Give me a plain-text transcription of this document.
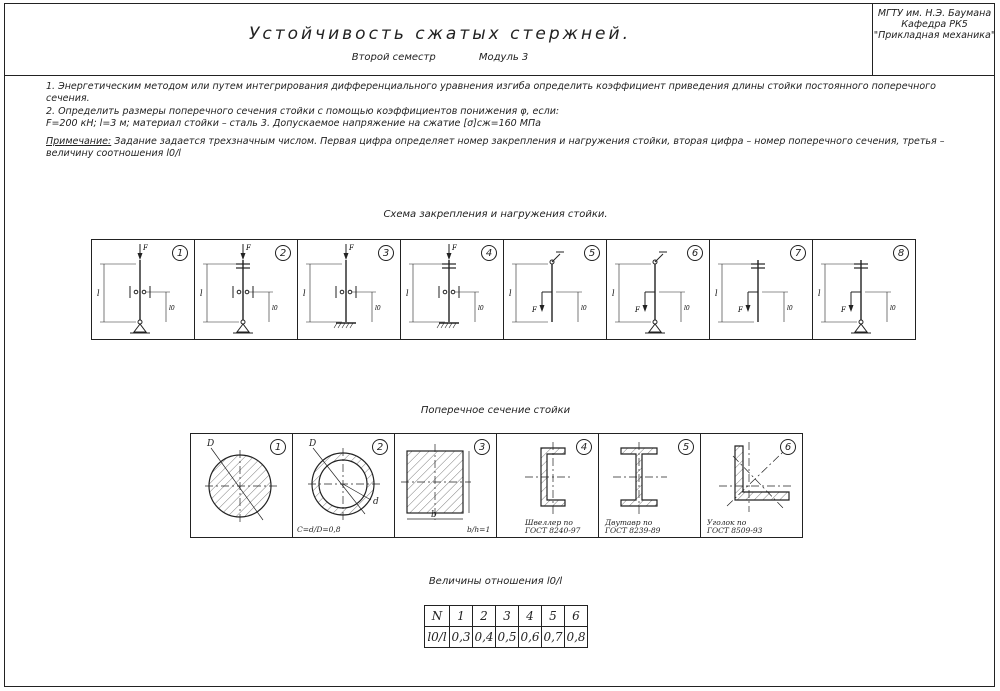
Устойчивость сжатых стержней.
Второй семестр	Модуль 3
МГТУ им. Н.Э. Баумана
Кафедра РК5
"Прикладная механика"

1. Энергетическим методом или путем интегрирования дифференциального уравнения изгиба определить коэффициент приведения длины стойки постоянного поперечного сечения.

2. Определить размеры поперечного сечения стойки с помощью коэффициентов понижения φ, если:

F=200 кН; l=3 м; материал стойки – сталь 3. Допускаемое напряжение на сжатие [σ]сж=160 МПа

Примечание: Задание задается трехзначным числом. Первая цифра определяет номер закрепления и нагружения стойки, вторая цифра – номер поперечного сечения, третья – величину соотношения l0/l

Схема закрепления и нагружения стойки.
l
l0
F	1
l
l0
F	2
l
l0
F	3
l
l0
F	4
l
l0
F
5
l
l0
F
6
l
l0
F
7
l
l0
F
8
Поперечное сечение стойки
D	1	D
d
C=d/D=0,8
2
b
b/h=1
3
Швеллер по ГОСТ 8240-97
4
Двутавр по ГОСТ 8239-89
5
Уголок по ГОСТ 8509-93
6
Величины отношения l0/l
N	1	2	3	4	5	6
l0/l	0,3	0,4	0,5	0,6	0,7	0,8
